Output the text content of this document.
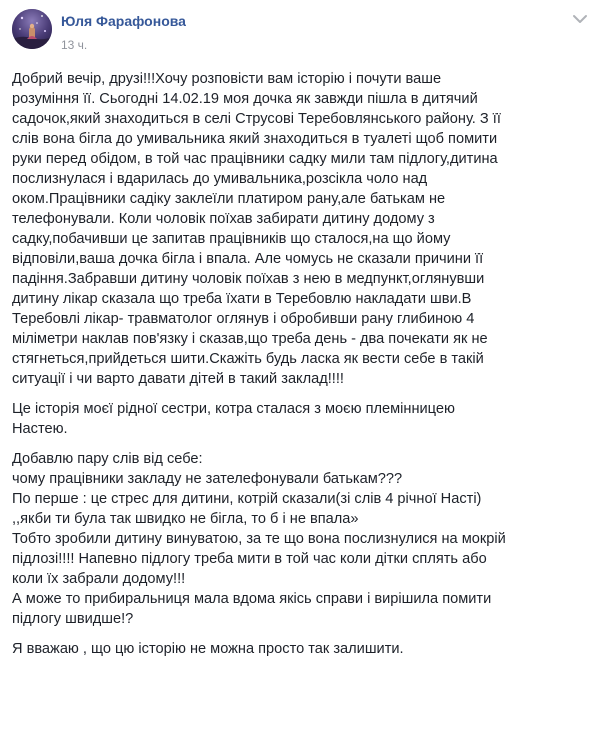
Юля Фарафонова
13 ч.

Добрий вечір, друзі!!!Хочу розповісти вам історію і почути ваше
розуміння її. Сьогодні 14.02.19 моя дочка як завжди пішла в дитячий
садочок,який знаходиться в селі Струсові Теребовлянського району. З її
слів вона бігла до умивальника який знаходиться в туалеті щоб помити
руки перед обідом, в той час працівники садку мили там підлогу,дитина
послизнулася і вдарилась до умивальника,розсікла чоло над
оком.Працівники садіку заклеїли платиром рану,але батькам не
телефонували. Коли чоловік поїхав забирати дитину додому з
садку,побачивши це запитав працівників що сталося,на що йому
відповіли,ваша дочка бігла і впала. Але чомусь не сказали причини її
падіння.Забравши дитину чоловік поїхав з нею в медпункт,оглянувши
дитину лікар сказала що треба їхати в Теребовлю накладати шви.В
Теребовлі лікар- травматолог оглянув і обробивши рану глибиною 4
міліметри наклав пов'язку і сказав,що треба день - два почекати як не
стягнеться,прийдеться шити.Скажіть будь ласка як вести себе в такій
ситуації і чи варто давати дітей в такий заклад!!!!

Це історія моєї рідної сестри, котра сталася з моєю племінницею
Настею.

Добавлю пару слів від себе:
чому працівники закладу не зателефонували батькам???
По перше : це стрес для дитини, котрій сказали(зі слів 4 річної Насті)
,,якби ти була так швидко не бігла, то б і не впала»
Тобто зробили дитину винуватою, за те що вона послизнулися на мокрій
підлозі!!!! Напевно підлогу треба мити в той час коли дітки сплять або
коли їх забрали додому!!!
А може то прибиральниця мала вдома якісь справи і вирішила помити
підлогу швидше!?

Я вважаю , що цю історію не можна просто так залишити.
